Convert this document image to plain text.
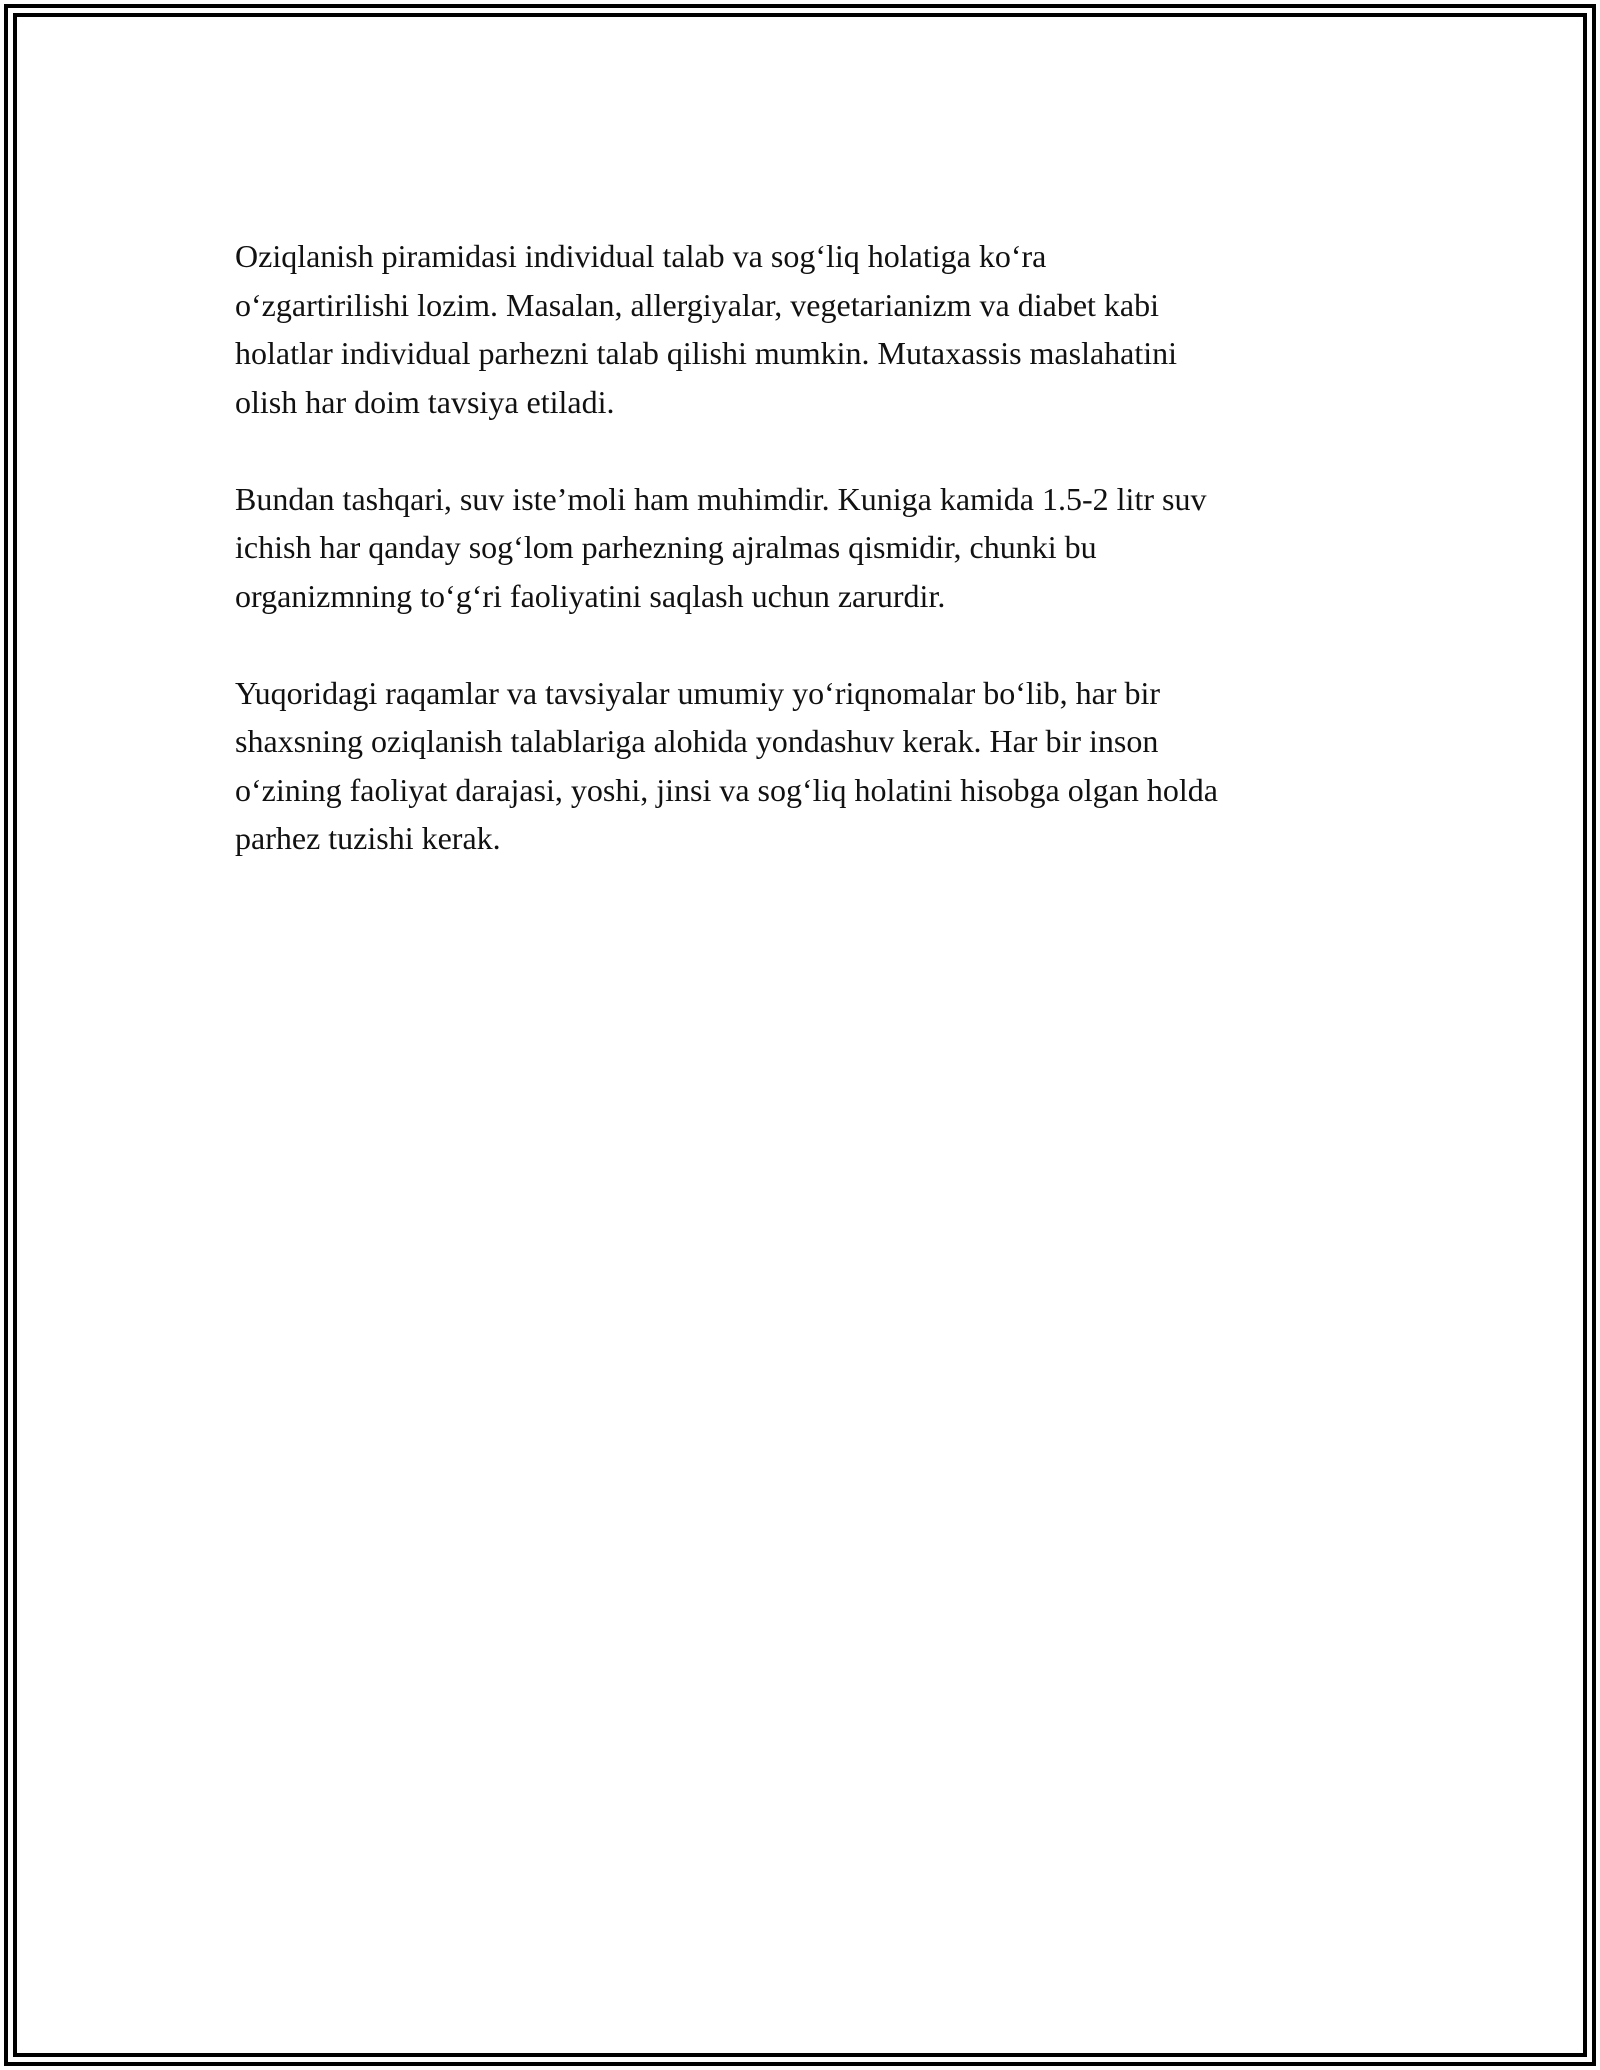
Oziqlanish piramidasi individual talab va sog‘liq holatiga ko‘ra
o‘zgartirilishi lozim. Masalan, allergiyalar, vegetarianizm va diabet kabi
holatlar individual parhezni talab qilishi mumkin. Mutaxassis maslahatini
olish har doim tavsiya etiladi.

Bundan tashqari, suv iste’moli ham muhimdir. Kuniga kamida 1.5-2 litr suv
ichish har qanday sog‘lom parhezning ajralmas qismidir, chunki bu
organizmning to‘g‘ri faoliyatini saqlash uchun zarurdir.

Yuqoridagi raqamlar va tavsiyalar umumiy yo‘riqnomalar bo‘lib, har bir
shaxsning oziqlanish talablariga alohida yondashuv kerak. Har bir inson
o‘zining faoliyat darajasi, yoshi, jinsi va sog‘liq holatini hisobga olgan holda
parhez tuzishi kerak.
